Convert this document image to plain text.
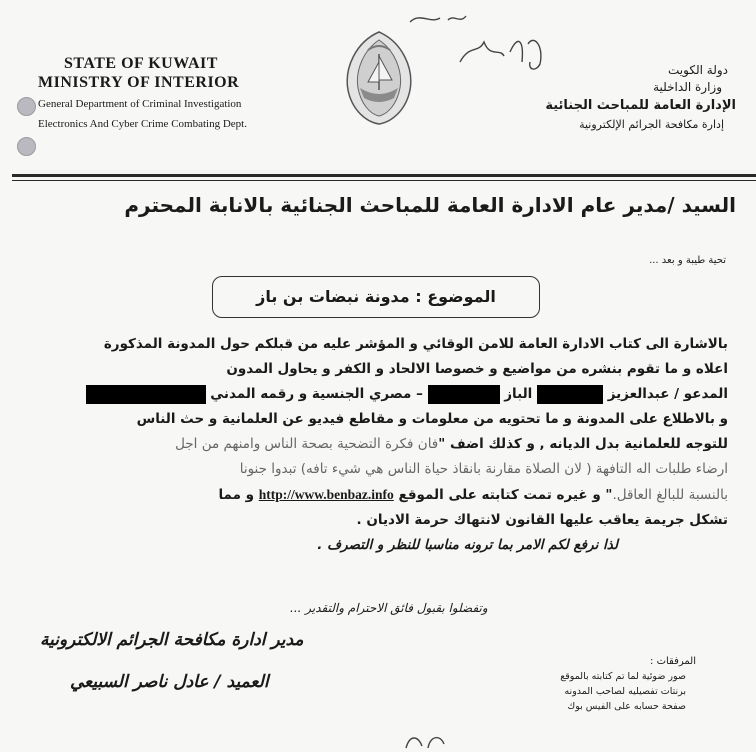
STATE OF KUWAIT
MINISTRY OF INTERIOR
General Department of Criminal Investigation
Electronics And Cyber Crime Combating Dept.
دولة الكويت
وزارة الداخلية
الإدارة العامة للمباحث الجنائية
إدارة مكافحة الجرائم الإلكترونية
السيد /مدير عام الادارة العامة للمباحث الجنائية بالانابة المحترم
تحية طيبة و بعد ...
الموضوع : مدونة نبضات بن باز
بالاشارة الى كتاب الادارة العامة للامن الوقائي و المؤشر عليه من قبلكم حول المدونة المذكورة
اعلاه و ما تقوم بنشره من مواضيع و خصوصا الالحاد و الكفر و يحاول المدون
المدعو / عبدالعزيز  الباز  – مصري الجنسية و رقمه المدني
و بالاطلاع على المدونة و ما تحتويه من معلومات و مقاطع فيديو عن العلمانية و حث الناس
للتوجه للعلمانية بدل الديانه , و كذلك اضف "فان فكرة التضحية بصحة الناس وامنهم من اجل
ارضاء طلبات اله التافهة ( لان الصلاة مقارنة بانقاذ حياة الناس هي شيء تافه) تبدوا جنونا
بالنسبة للبالغ العاقل." و غيره تمت كتابته على الموقع http://www.benbaz.info و مما
تشكل جريمة يعاقب عليها القانون لانتهاك حرمة الاديان .
لذا نرفع لكم الامر بما ترونه مناسبا للنظر و التصرف .
وتفضلوا بقبول فائق الاحترام والتقدير ...
مدير ادارة مكافحة الجرائم الالكترونية
العميد / عادل ناصر السبيعي
المرفقات :
صور ضوئية لما تم كتابته بالموقع
برنتات تفصيليه لصاحب المدونه
صفحة حسابه على الفيس بوك
